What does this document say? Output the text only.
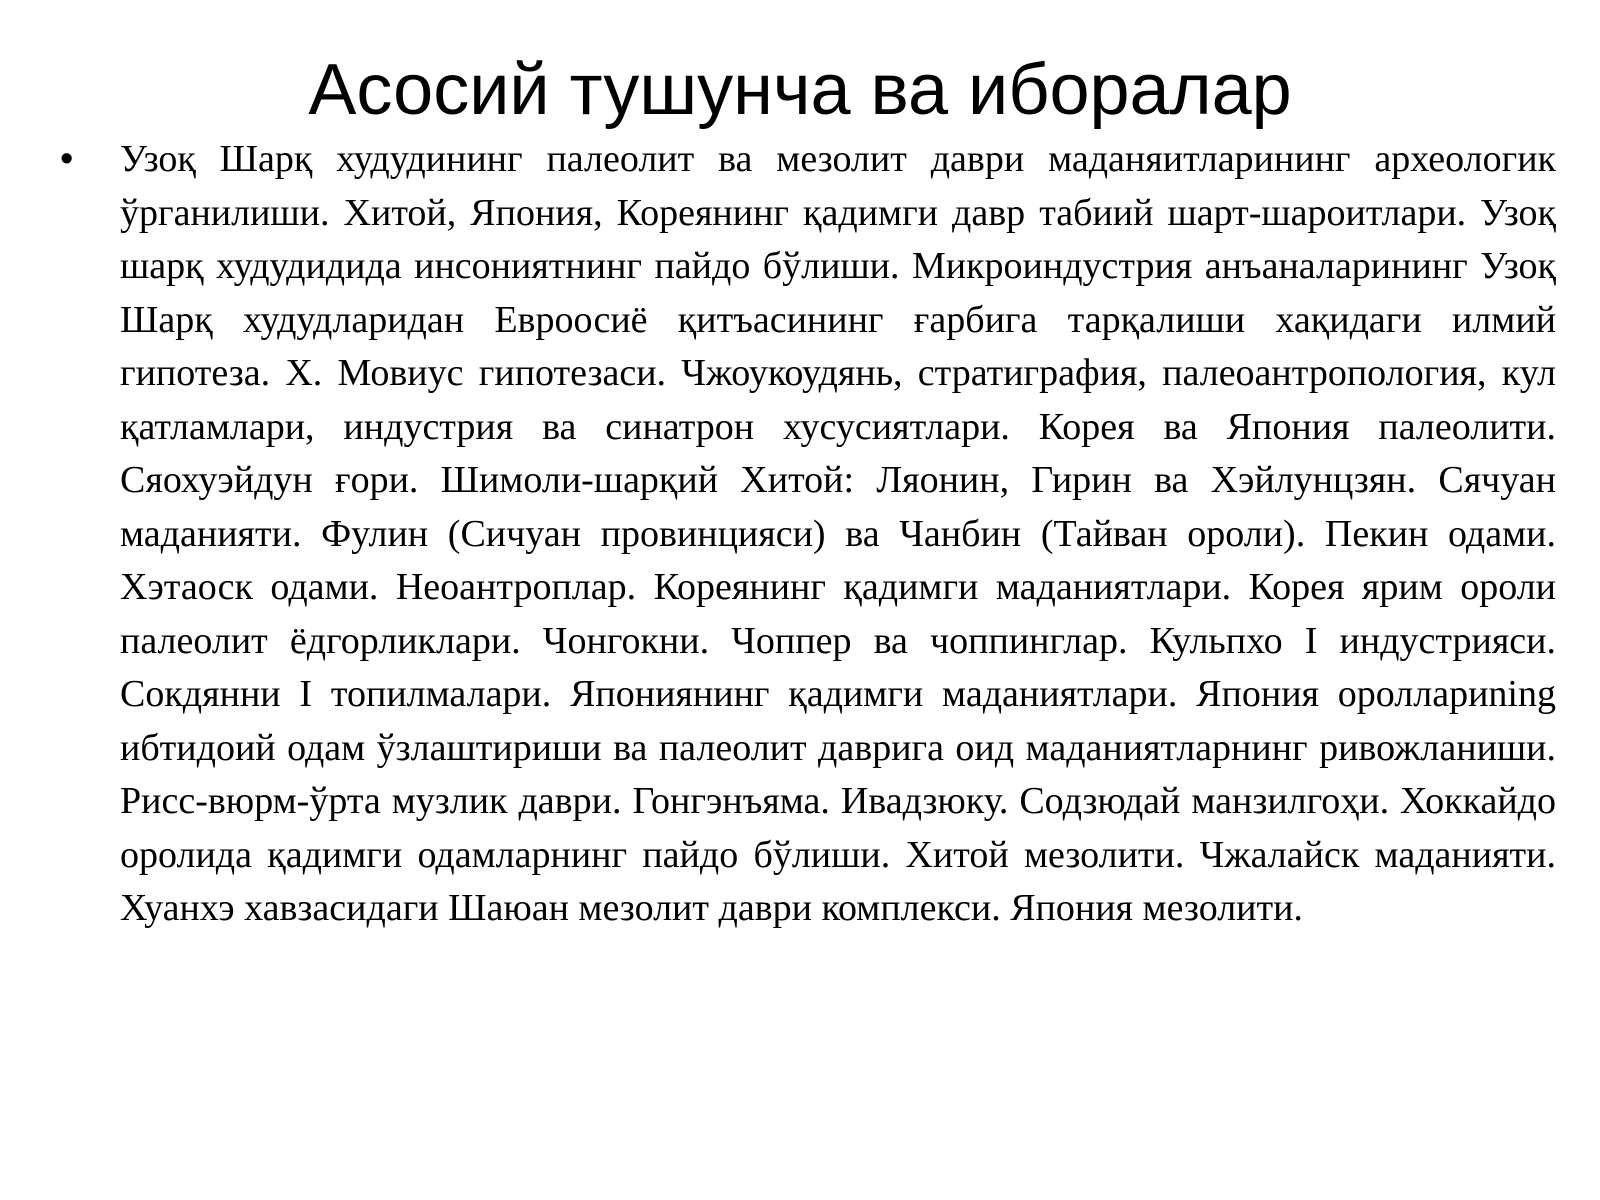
Асосий тушунча ва иборалар
• Узоқ Шарқ худудининг палеолит ва мезолит даври маданяитларининг археологик ўрганилиши. Хитой, Япония, Кореянинг қадимги давр табиий шарт-шароитлари. Узоқ шарқ худудидида инсониятнинг пайдо бўлиши. Микроиндустрия анъаналарининг Узоқ Шарқ худудларидан Евроосиё қитъасининг ғарбига тарқалиши хақидаги илмий гипотеза. Х. Мовиус гипотезаси. Чжоукоудянь, стратиграфия, палеоантропология, кул қатламлари, индустрия ва синатрон хусусиятлари. Корея ва Япония палеолити. Сяохуэйдун ғори. Шимоли-шарқий Хитой: Ляонин, Гирин ва Хэйлунцзян. Сячуан маданияти. Фулин (Сичуан провинцияси) ва Чанбин (Тайван ороли). Пекин одами. Хэтаоск одами. Неоантроплар. Кореянинг қадимги маданиятлари. Корея ярим ороли палеолит ёдгорликлари. Чонгокни. Чоппер ва чоппинглар. Кульпхо I индустрияси. Сокдянни I топилмалари. Япониянинг қадимги маданиятлари. Япония ороллариning ибтидоий одам ўзлаштириши ва палеолит даврига оид маданиятларнинг ривожланиши. Рисс-вюрм-ўрта музлик даври. Гонгэнъяма. Ивадзюку. Содзюдай манзилгоҳи. Хоккайдо оролида қадимги одамларнинг пайдо бўлиши. Хитой мезолити. Чжалайск маданияти. Хуанхэ хавзасидаги Шаюан мезолит даври комплекси. Япония мезолити.
